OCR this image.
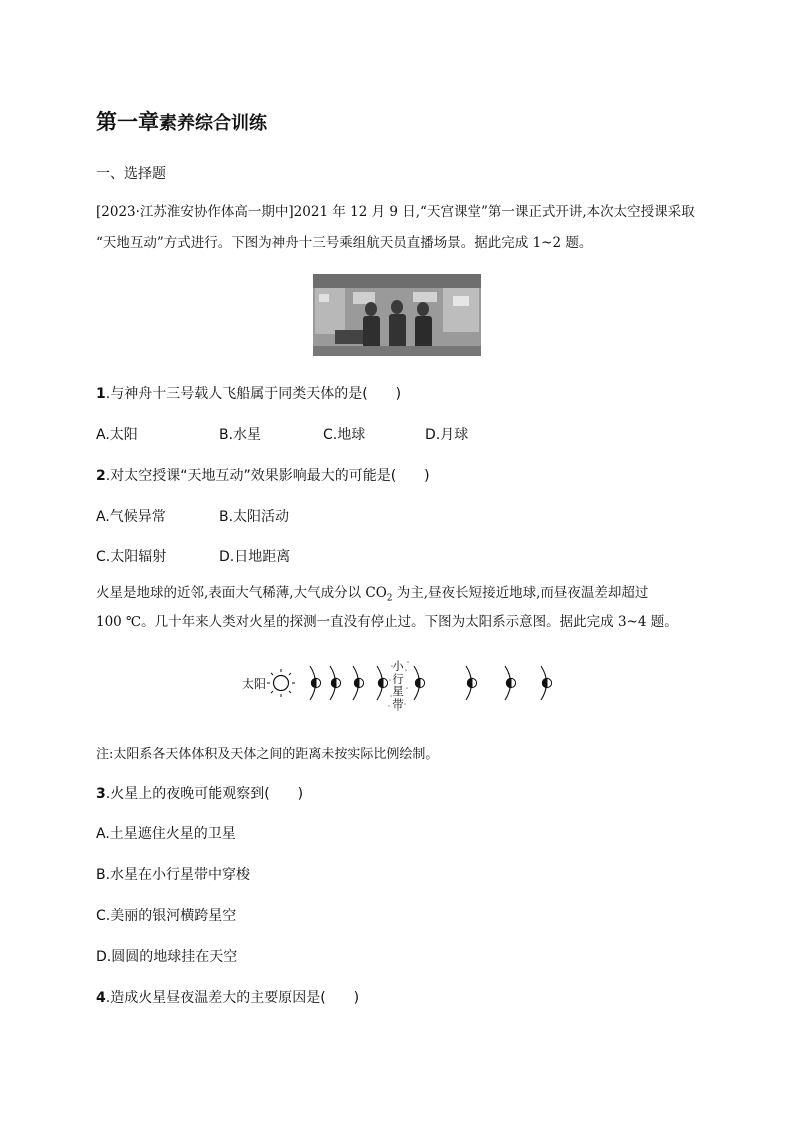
第一章素养综合训练
一、选择题
[2023·江苏淮安协作体高一期中]2021 年 12 月 9 日,“天宫课堂”第一课正式开讲,本次太空授课采取
“天地互动”方式进行。下图为神舟十三号乘组航天员直播场景。据此完成 1~2 题。
1.与神舟十三号载人飞船属于同类天体的是(　　)
A.太阳	B.水星	C.地球	D.月球
2.对太空授课“天地互动”效果影响最大的可能是(　　)
A.气候异常	B.太阳活动
C.太阳辐射	D.日地距离
火星是地球的近邻,表面大气稀薄,大气成分以 $CO_2$ 为主,昼夜长短接近地球,而昼夜温差却超过
100 ℃。几十年来人类对火星的探测一直没有停止过。下图为太阳系示意图。据此完成 3~4 题。
太阳
小
行
星
带
注:太阳系各天体体积及天体之间的距离未按实际比例绘制。
3.火星上的夜晚可能观察到(　　)
A.土星遮住火星的卫星
B.水星在小行星带中穿梭
C.美丽的银河横跨星空
D.圆圆的地球挂在天空
4.造成火星昼夜温差大的主要原因是(　　)
